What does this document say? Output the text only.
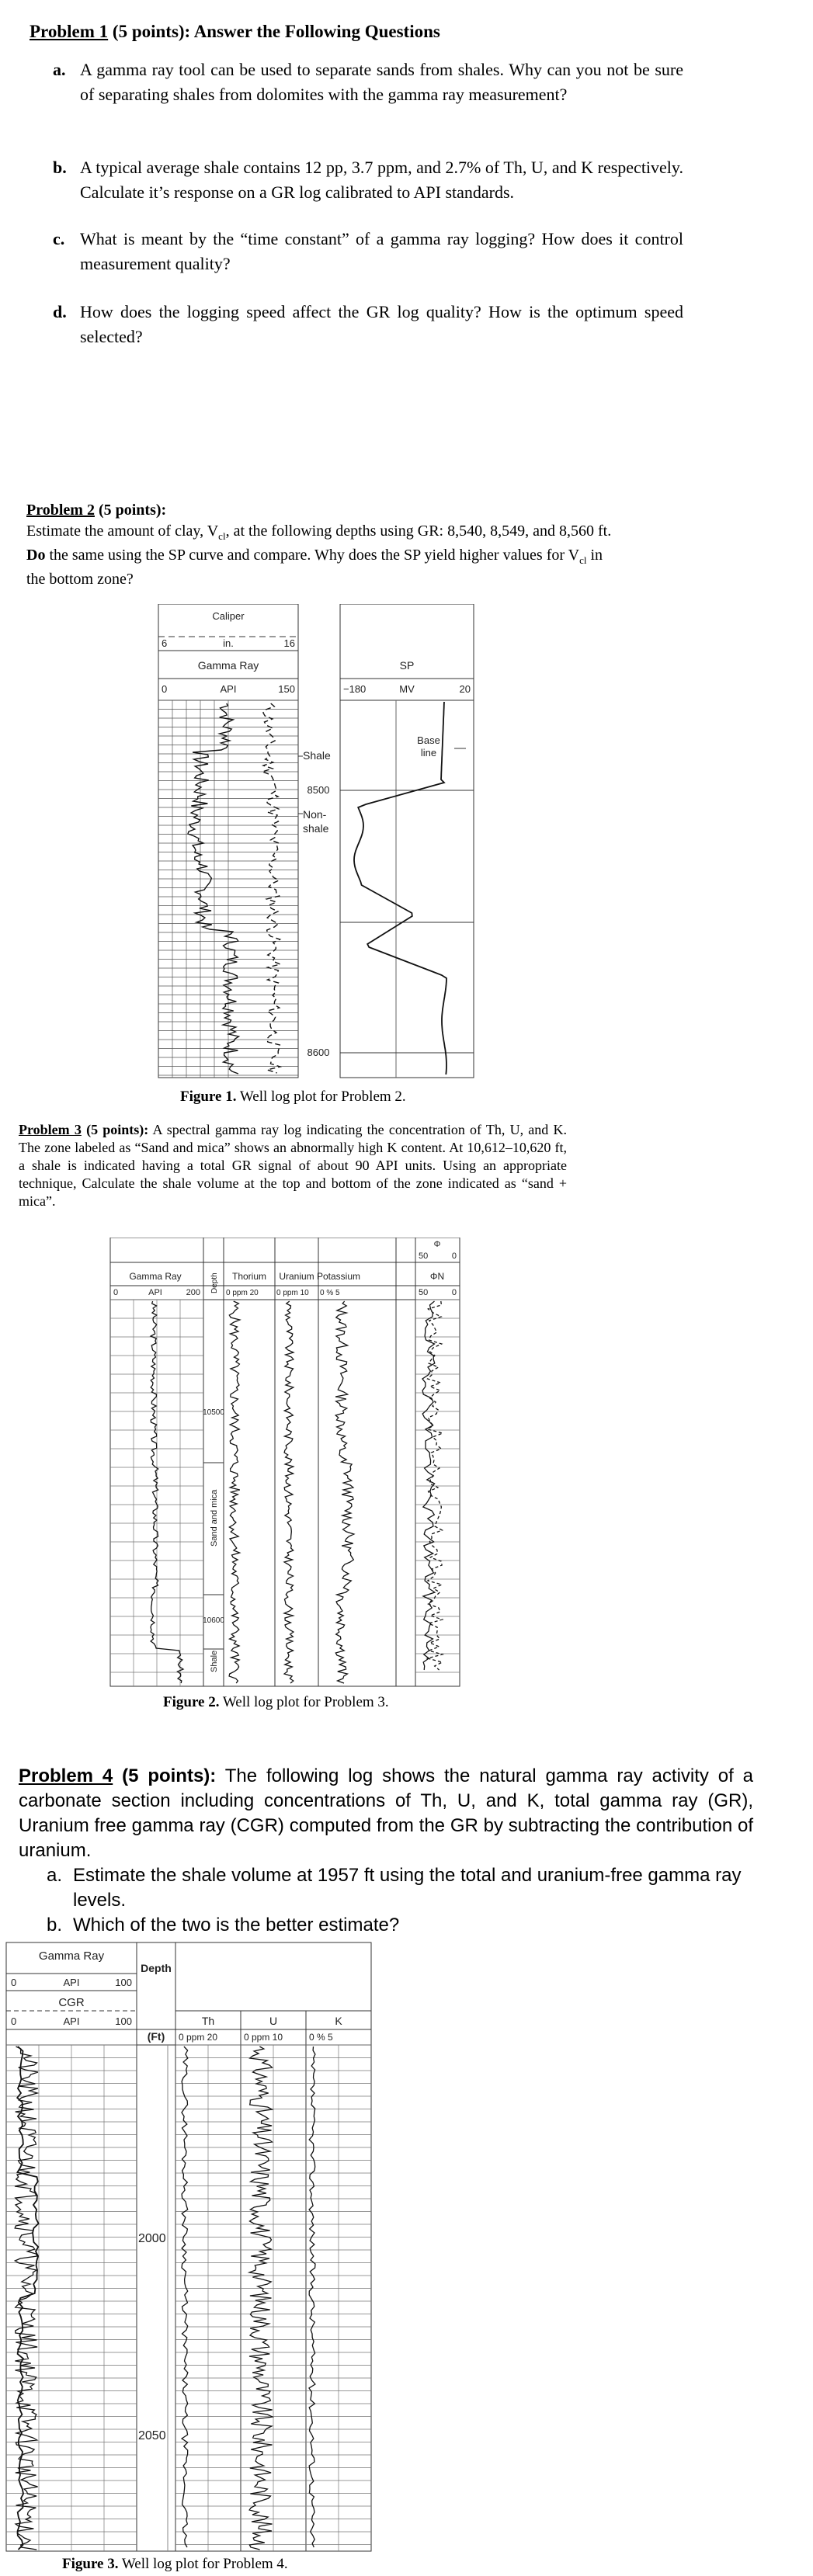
Problem 1 (5 points): Answer the Following Questions
a. A gamma ray tool can be used to separate sands from shales. Why can you not be sure of separating shales from dolomites with the gamma ray measurement?
b. A typical average shale contains 12 pp, 3.7 ppm, and 2.7% of Th, U, and K respectively. Calculate it’s response on a GR log calibrated to API standards.
c. What is meant by the “time constant” of a gamma ray logging? How does it control measurement quality?
d. How does the logging speed affect the GR log quality? How is the optimum speed selected?
Problem 2 (5 points):
Estimate the amount of clay, $V_{cl}$, at the following depths using GR: 8,540, 8,549, and 8,560 ft. Do the same using the SP curve and compare. Why does the SP yield higher values for $V_{cl}$ in the bottom zone?
Caliper
6	in.	16
Gamma Ray
0	API	150
SP
−180	MV	20
Base
line
Shale
Non-
shale
8500
8600
Figure 1. Well log plot for Problem 2.
Problem 3 (5 points): A spectral gamma ray log indicating the concentration of Th, U, and K. The zone labeled as “Sand and mica” shows an abnormally high K content. At 10,612–10,620 ft, a shale is indicated having a total GR signal of about 90 API units. Using an appropriate technique, Calculate the shale volume at the top and bottom of the zone indicated as “sand + mica”.
Φ
50	0
Gamma Ray
0	API	200 Depth Thorium
0 ppm 20
Uranium
0 ppm 10
Potassium
0 % 5
ΦN
50	0
10500
10600
Sand and mica
Shale
Figure 2. Well log plot for Problem 3.
Problem 4 (5 points): The following log shows the natural gamma ray activity of a carbonate section including concentrations of Th, U, and K, total gamma ray (GR), Uranium free gamma ray (CGR) computed from the GR by subtracting the contribution of uranium.
a. Estimate the shale volume at 1957 ft using the total and uranium-free gamma ray levels.
b. Which of the two is the better estimate?
Gamma Ray
0	API	100
CGR
0	API	100
Depth
(Ft)
Th
0 ppm 20
U
0 ppm 10
K
0 % 5
2000
2050
Figure 3. Well log plot for Problem 4.
